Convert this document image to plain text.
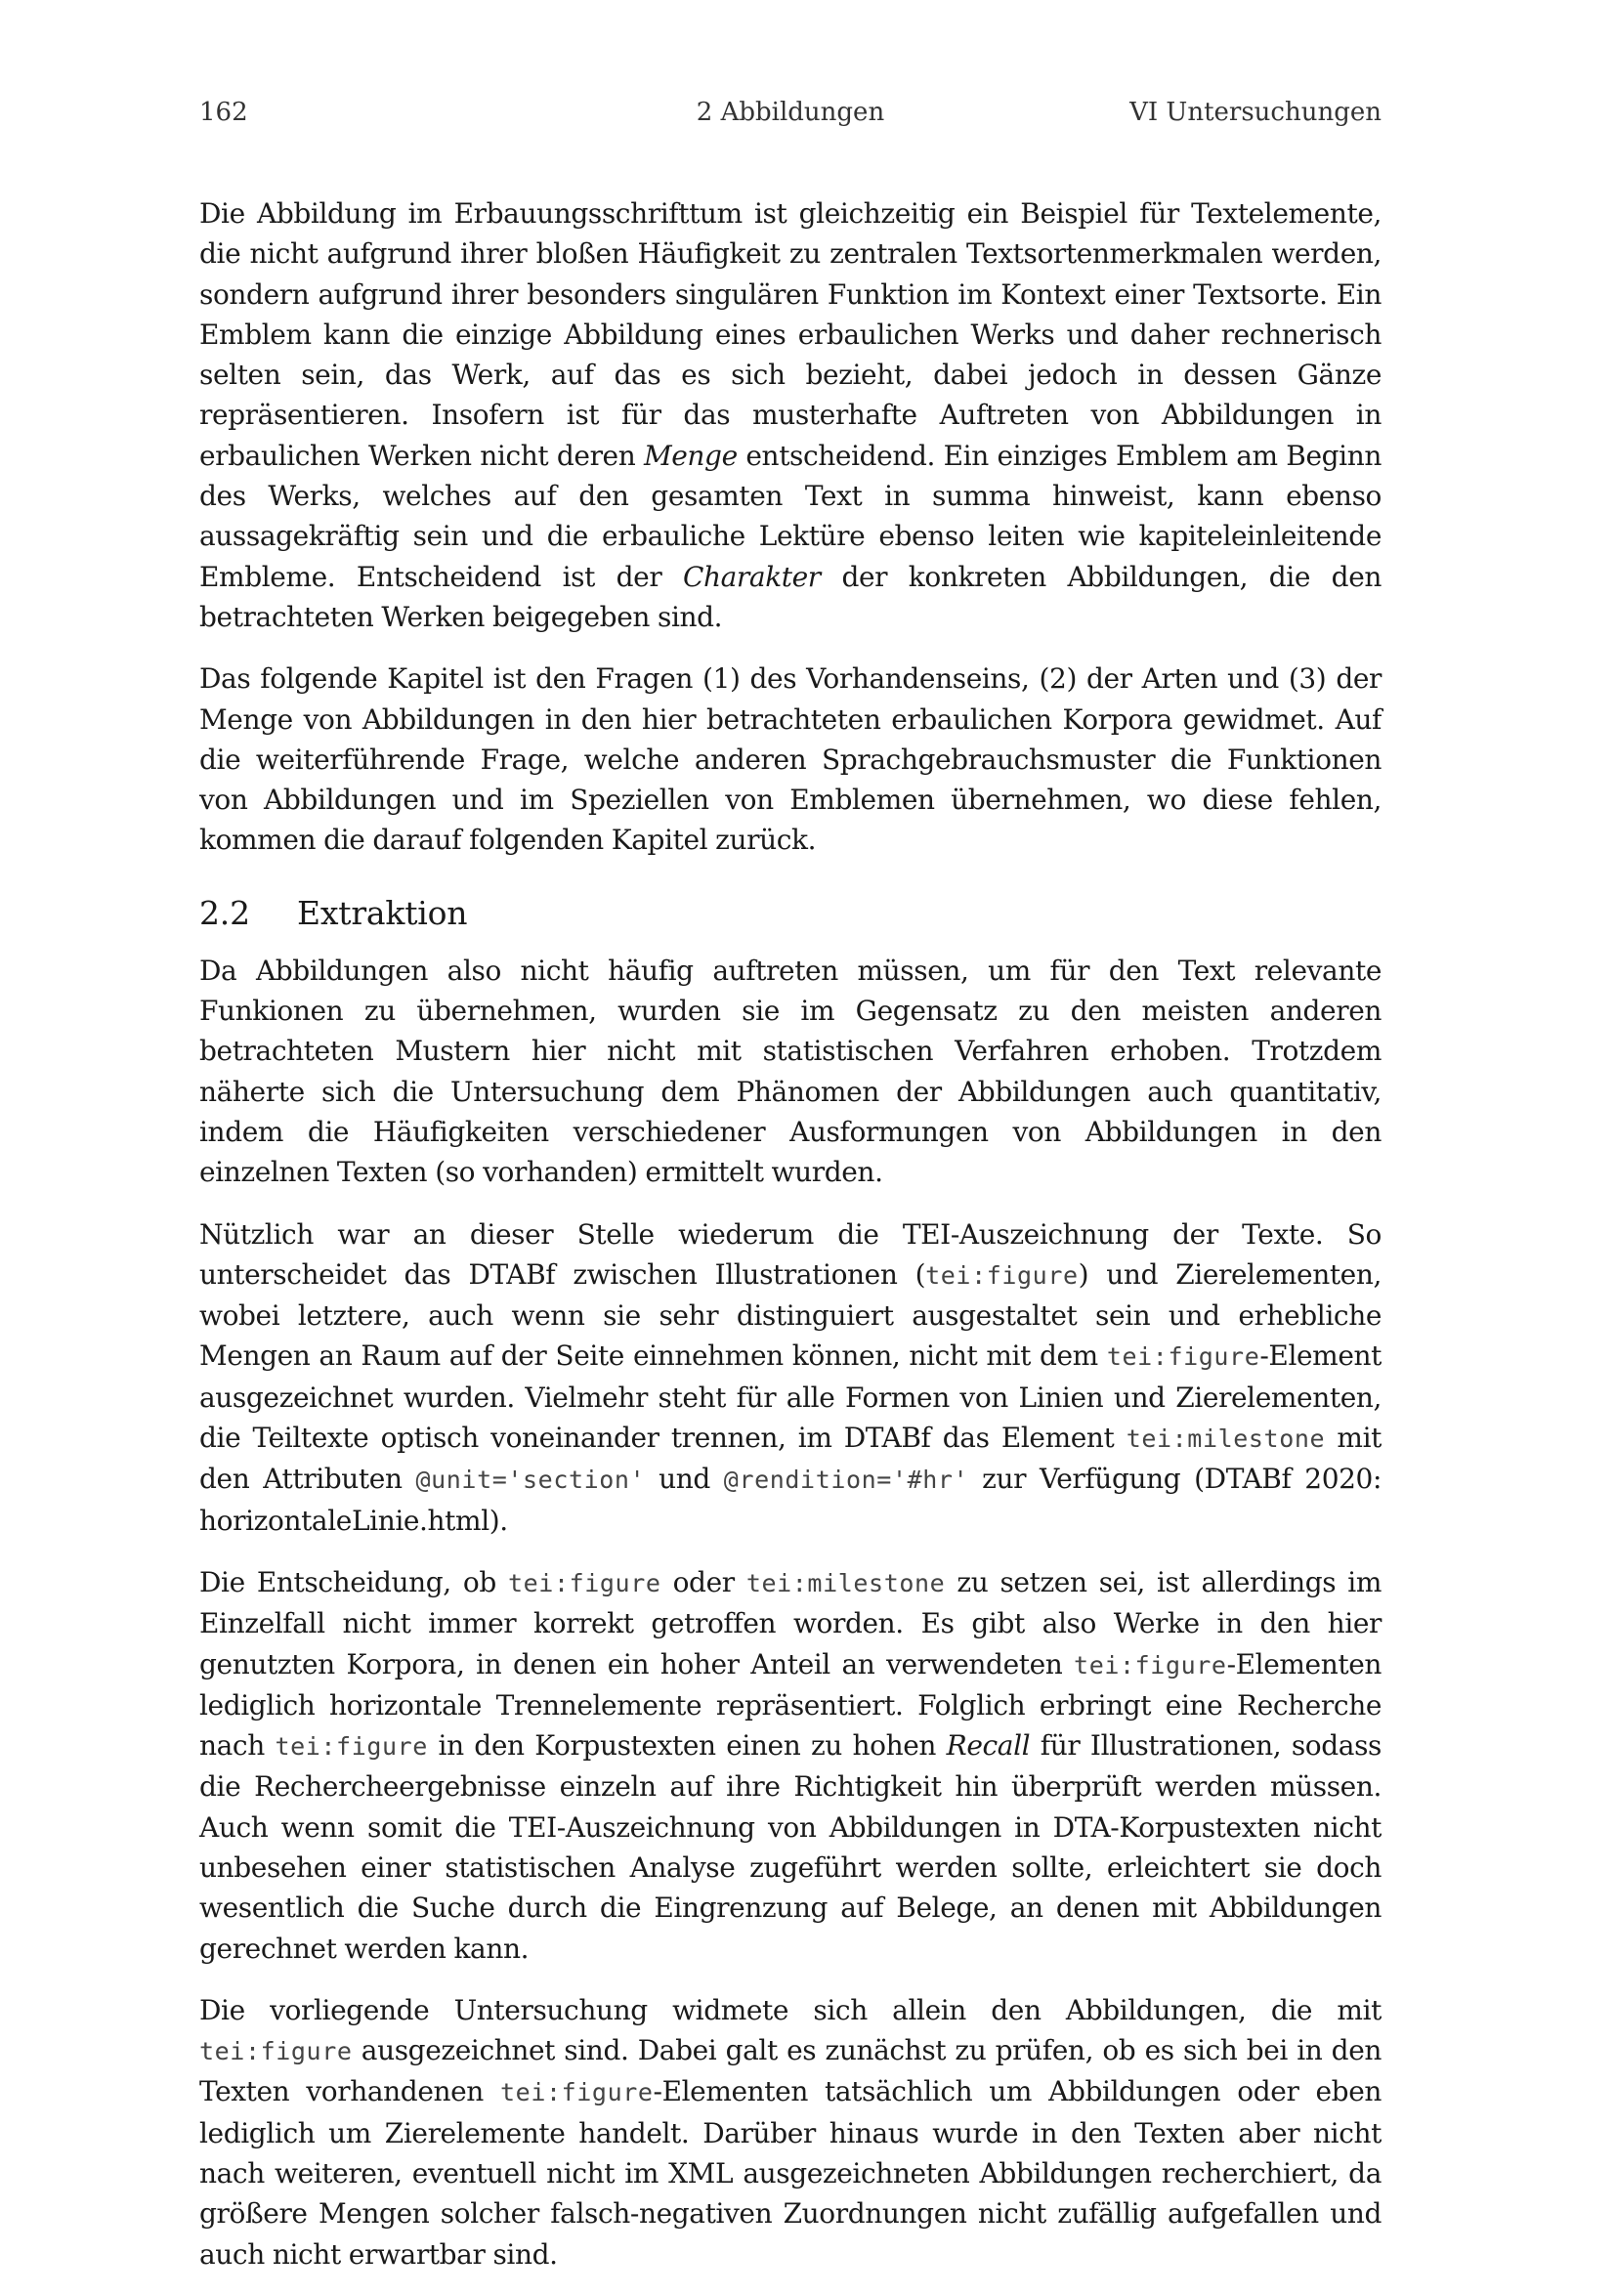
162	2 Abbildungen	VI Untersuchungen

Die Abbildung im Erbauungsschrifttum ist gleichzeitig ein Beispiel für Textelemente, die nicht aufgrund ihrer bloßen Häufigkeit zu zentralen Textsortenmerkmalen werden, sondern aufgrund ihrer besonders singulären Funktion im Kontext einer Textsorte. Ein Emblem kann die einzige Abbildung eines erbaulichen Werks und daher rechnerisch selten sein, das Werk, auf das es sich bezieht, dabei jedoch in dessen Gänze repräsentieren. Insofern ist für das musterhafte Auftreten von Abbildungen in erbaulichen Werken nicht deren Menge entscheidend. Ein einziges Emblem am Beginn des Werks, welches auf den gesamten Text in summa hinweist, kann ebenso aussagekräftig sein und die erbauliche Lektüre ebenso leiten wie kapiteleinleitende Embleme. Entscheidend ist der Charakter der konkreten Abbildungen, die den betrachteten Werken beigegeben sind.

Das folgende Kapitel ist den Fragen (1) des Vorhandenseins, (2) der Arten und (3) der Menge von Abbildungen in den hier betrachteten erbaulichen Korpora gewidmet. Auf die weiterführende Frage, welche anderen Sprachgebrauchsmuster die Funktionen von Abbildungen und im Speziellen von Emblemen übernehmen, wo diese fehlen, kommen die darauf folgenden Kapitel zurück.

2.2 Extraktion

Da Abbildungen also nicht häufig auftreten müssen, um für den Text relevante Funkionen zu übernehmen, wurden sie im Gegensatz zu den meisten anderen betrachteten Mustern hier nicht mit statistischen Verfahren erhoben. Trotzdem näherte sich die Untersuchung dem Phänomen der Abbildungen auch quantitativ, indem die Häufigkeiten verschiedener Ausformungen von Abbildungen in den einzelnen Texten (so vorhanden) ermittelt wurden.

Nützlich war an dieser Stelle wiederum die TEI-Auszeichnung der Texte. So unterscheidet das DTABf zwischen Illustrationen (tei:figure) und Zierelementen, wobei letztere, auch wenn sie sehr distinguiert ausgestaltet sein und erhebliche Mengen an Raum auf der Seite einnehmen können, nicht mit dem tei:figure-Element ausgezeichnet wurden. Vielmehr steht für alle Formen von Linien und Zierelementen, die Teiltexte optisch voneinander trennen, im DTABf das Element tei:milestone mit den Attributen @unit='section' und @rendition='#hr' zur Verfügung (DTABf 2020: horizontaleLinie.html).

Die Entscheidung, ob tei:figure oder tei:milestone zu setzen sei, ist allerdings im Einzelfall nicht immer korrekt getroffen worden. Es gibt also Werke in den hier genutzten Korpora, in denen ein hoher Anteil an verwendeten tei:figure-Elementen lediglich horizontale Trennelemente repräsentiert. Folglich erbringt eine Recherche nach tei:figure in den Korpustexten einen zu hohen Recall für Illustrationen, sodass die Rechercheergebnisse einzeln auf ihre Richtigkeit hin überprüft werden müssen. Auch wenn somit die TEI-Auszeichnung von Abbildungen in DTA-Korpustexten nicht unbesehen einer statistischen Analyse zugeführt werden sollte, erleichtert sie doch wesentlich die Suche durch die Eingrenzung auf Belege, an denen mit Abbildungen gerechnet werden kann.

Die vorliegende Untersuchung widmete sich allein den Abbildungen, die mit tei:figure ausgezeichnet sind. Dabei galt es zunächst zu prüfen, ob es sich bei in den Texten vorhandenen tei:figure-Elementen tatsächlich um Abbildungen oder eben lediglich um Zierelemente handelt. Darüber hinaus wurde in den Texten aber nicht nach weiteren, eventuell nicht im XML ausgezeichneten Abbildungen recherchiert, da größere Mengen solcher falsch-negativen Zuordnungen nicht zufällig aufgefallen und auch nicht erwartbar sind.
